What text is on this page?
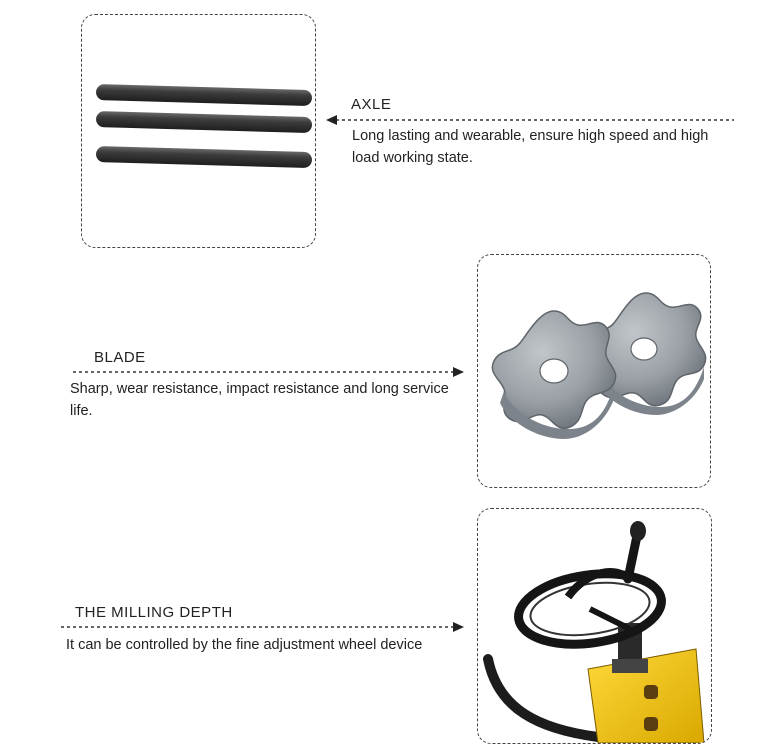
AXLE
Long lasting and wearable, ensure high speed and high load working state.
BLADE
Sharp, wear resistance, impact resistance and long service life.
THE MILLING DEPTH
It can be controlled by the fine adjustment wheel device
